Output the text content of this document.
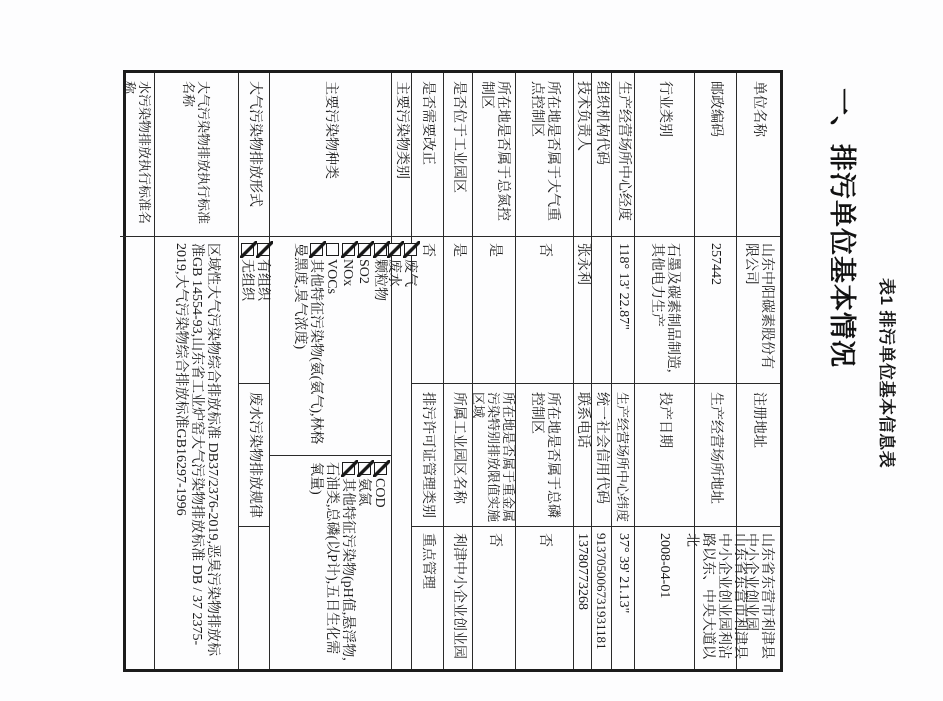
表1 排污单位基本信息表
一、排污单位基本情况
单位名称
山东中阳碳素股份有限公司
注册地址
山东省东营市利津县中小企业创业园
邮政编码
257442
生产经营场所地址
山东省东营市利津县中小企业创业园利沾路以东、中央大道以北
行业类别
石墨及碳素制品制造,其他电力生产
投产日期
2008-04-01
生产经营场所中心经度
118° 13' 22.87"
生产经营场所中心纬度
37° 39' 21.13"
组织机构代码
统一社会信用代码
913705006731931181
技术负责人
张永利
联系电话
13780773268
所在地是否属于大气重点控制区
否
所在地是否属于总磷控制区
否
所在地是否属于总氮控制区
是
所在地是否属于重金属污染特别排放限值实施区域
否
是否位于工业园区
是
所属工业园区名称
利津中小企业创业园
是否需要改正
否
排污许可证管理类别
重点管理
主要污染物类别
废气
废水
主要污染物种类
颗粒物
SO2
NOx
VOCs
其他特征污染物(氨(氨气),林格曼黑度,臭气浓度)
COD
氨氮
其他特征污染物(pH值,悬浮物,石油类,总磷(以P计),五日生化需氧量)
大气污染物排放形式
有组织
无组织
废水污染物排放规律
大气污染物排放执行标准名称
区域性大气污染物综合排放标准 DB37/2376-2019,恶臭污染物排放标准GB 14554-93,山东省工业炉窑大气污染物排放标准 DB / 37 2375-2019,大气污染物综合排放标准GB16297-1996
水污染物排放执行标准名称
